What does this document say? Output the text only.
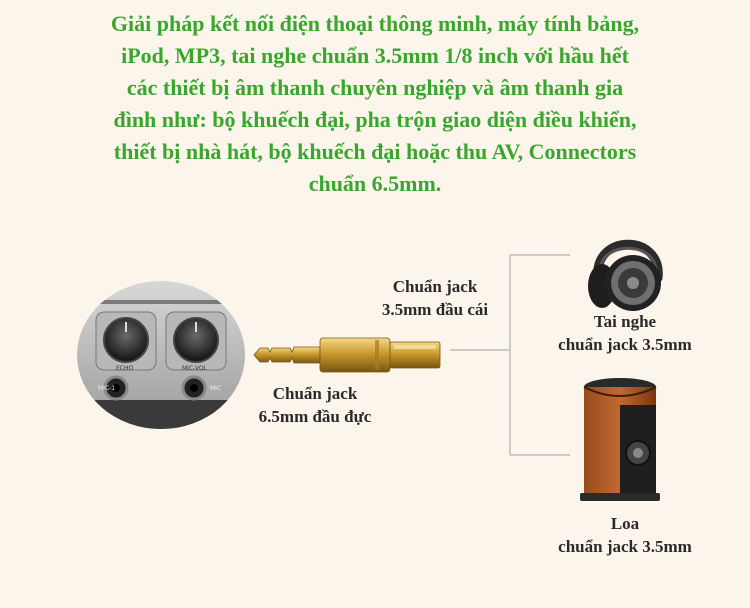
Giải pháp kết nối điện thoại thông minh, máy tính bảng,
iPod, MP3, tai nghe chuẩn 3.5mm 1/8 inch với hầu hết
các thiết bị âm thanh chuyên nghiệp và âm thanh gia
đình như: bộ khuếch đại, pha trộn giao diện điều khiển,
thiết bị nhà hát, bộ khuếch đại hoặc thu AV, Connectors
chuẩn 6.5mm.
ECHO	MIC-VOL
MIC-1	MIC
Chuẩn jack
3.5mm đầu cái
Chuẩn jack
6.5mm đầu đực
Tai nghe
chuẩn jack 3.5mm
Loa
chuẩn jack 3.5mm
